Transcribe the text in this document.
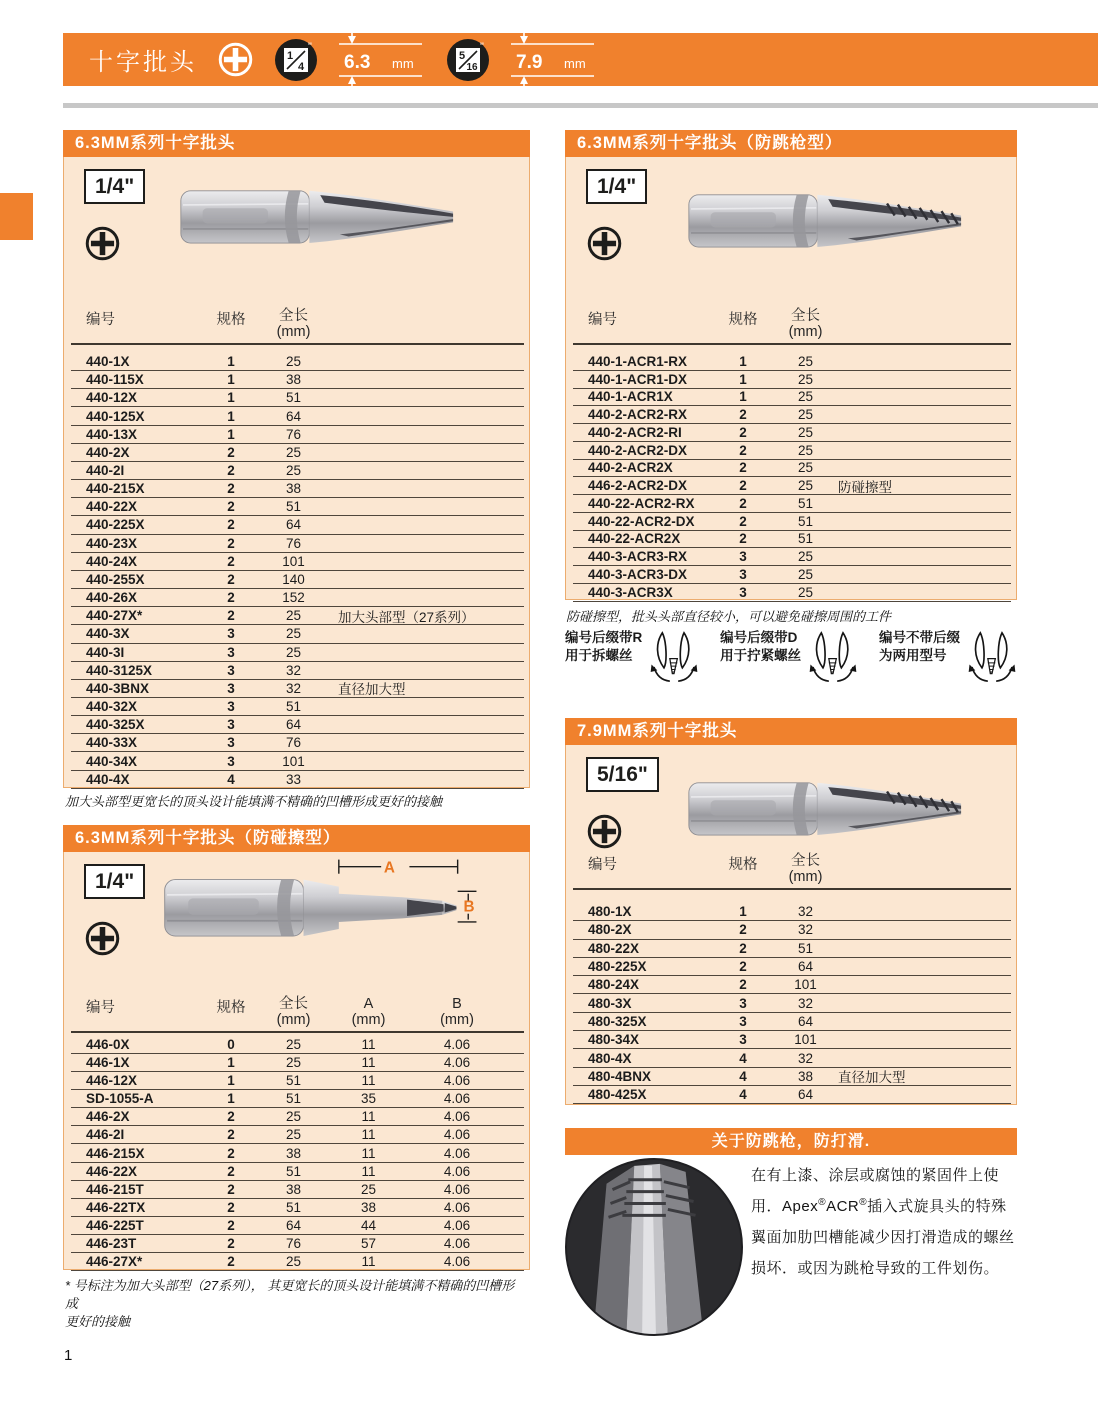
十字批头	1
4
"
6.3 mm	5
16
"
7.9 mm
6.3MM系列十字批头
1/4"
编号	规格	全长
(mm)
440-1X	1	25
440-115X	1	38
440-12X	1	51
440-125X	1	64
440-13X	1	76
440-2X	2	25
440-2I	2	25
440-215X	2	38
440-22X	2	51
440-225X	2	64
440-23X	2	76
440-24X	2	101
440-255X	2	140
440-26X	2	152
440-27X*	2	25	加大头部型（27系列）
440-3X	3	25
440-3I	3	25
440-3125X	3	32
440-3BNX	3	32	直径加大型
440-32X	3	51
440-325X	3	64
440-33X	3	76
440-34X	3	101
440-4X	4	33

加大头部型更宽长的顶头设计能填满不精确的凹槽形成更好的接触

6.3MM系列十字批头（防碰擦型）
1/4"
A
B
编号	规格	全长
(mm)
A
(mm)
B
(mm)
446-0X	0	25	11	4.06
446-1X	1	25	11	4.06
446-12X	1	51	11	4.06
SD-1055-A	1	51	35	4.06
446-2X	2	25	11	4.06
446-2I	2	25	11	4.06
446-215X	2	38	11	4.06
446-22X	2	51	11	4.06
446-215T	2	38	25	4.06
446-22TX	2	51	38	4.06
446-225T	2	64	44	4.06
446-23T	2	76	57	4.06
446-27X*	2	25	11	4.06

* 号标注为加大头部型（27系列）， 其更宽长的顶头设计能填满不精确的凹槽形成
更好的接触

6.3MM系列十字批头（防跳枪型）
1/4"
编号	规格	全长
(mm)
440-1-ACR1-RX	1	25
440-1-ACR1-DX	1	25
440-1-ACR1X	1	25
440-2-ACR2-RX	2	25
440-2-ACR2-RI	2	25
440-2-ACR2-DX	2	25
440-2-ACR2X	2	25
446-2-ACR2-DX	2	25	防碰擦型
440-22-ACR2-RX	2	51
440-22-ACR2-DX	2	51
440-22-ACR2X	2	51
440-3-ACR3-RX	3	25
440-3-ACR3-DX	3	25
440-3-ACR3X	3	25

防碰擦型，批头头部直径较小，可以避免碰擦周围的工件

编号后缀带R
用于拆螺丝
编号后缀带D
用于拧紧螺丝
编号不带后缀
为两用型号
7.9MM系列十字批头
5/16"
编号	规格	全长
(mm)
480-1X	1	32
480-2X	2	32
480-22X	2	51
480-225X	2	64
480-24X	2	101
480-3X	3	32
480-325X	3	64
480-34X	3	101
480-4X	4	32
480-4BNX	4	38	直径加大型
480-425X	4	64
关于防跳枪，防打滑.

在有上漆、涂层或腐蚀的紧固件上使用．Apex®ACR®插入式旋具头的特殊翼面加肋凹槽能减少因打滑造成的螺丝损坏．或因为跳枪导致的工件划伤。

1
